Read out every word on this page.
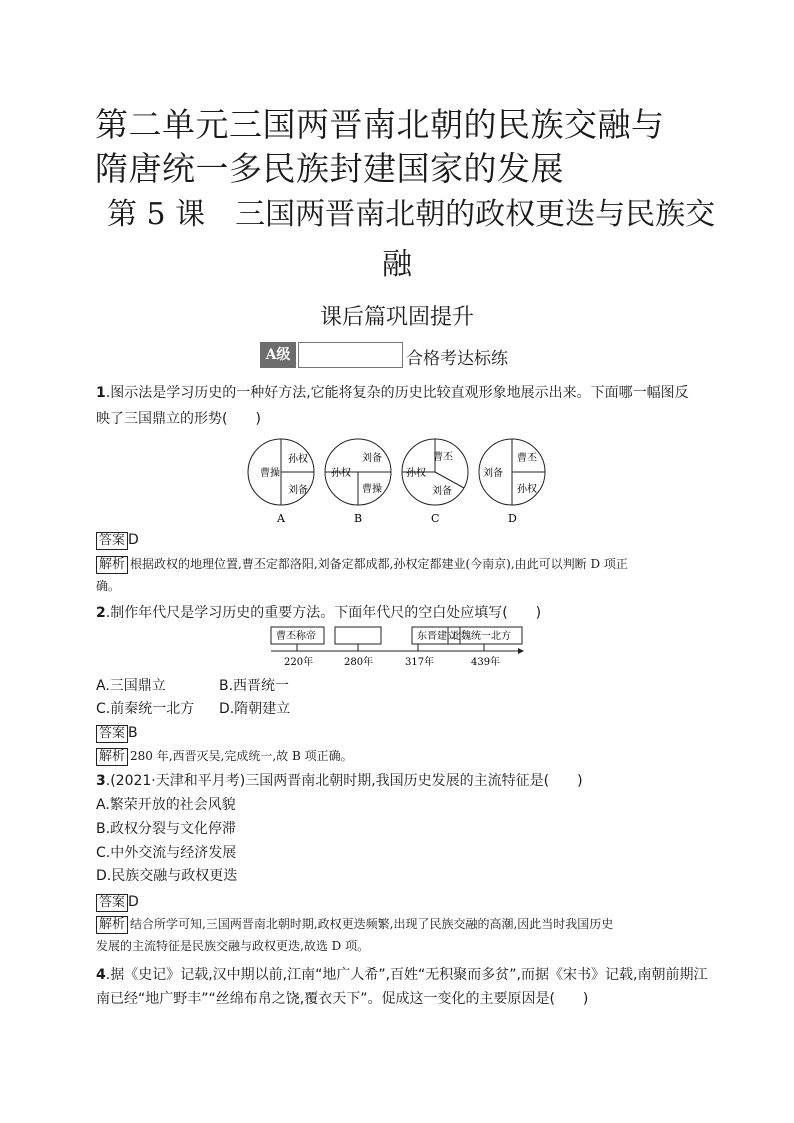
第二单元三国两晋南北朝的民族交融与
隋唐统一多民族封建国家的发展
第 5 课　三国两晋南北朝的政权更迭与民族交
融
课后篇巩固提升
A级	合格考达标练
1.图示法是学习历史的一种好方法,它能将复杂的历史比较直观形象地展示出来。下面哪一幅图反
映了三国鼎立的形势(　　)
曹操
孙权
刘备
A
孙权
刘备
曹操
B
孙权
曹丕
刘备
C
刘备
曹丕
孙权
D
答案 D
解析 根据政权的地理位置,曹丕定都洛阳,刘备定都成都,孙权定都建业(今南京),由此可以判断 D 项正
确。
2.制作年代尺是学习历史的重要方法。下面年代尺的空白处应填写(　　)
曹丕称帝	东晋建立
北魏统一北方
220年	280年	317年	439年
A.三国鼎立	B.西晋统一
C.前秦统一北方 D.隋朝建立
答案 B
解析 280 年,西晋灭吴,完成统一,故 B 项正确。
3.(2021·天津和平月考)三国两晋南北朝时期,我国历史发展的主流特征是(　　)
A.繁荣开放的社会风貌
B.政权分裂与文化停滞
C.中外交流与经济发展
D.民族交融与政权更迭
答案 D
解析 结合所学可知,三国两晋南北朝时期,政权更迭频繁,出现了民族交融的高潮,因此当时我国历史
发展的主流特征是民族交融与政权更迭,故选 D 项。
4.据《史记》记载,汉中期以前,江南“地广人希”,百姓“无积聚而多贫”,而据《宋书》记载,南朝前期江
南已经“地广野丰”“丝绵布帛之饶,覆衣天下”。促成这一变化的主要原因是(　　)
